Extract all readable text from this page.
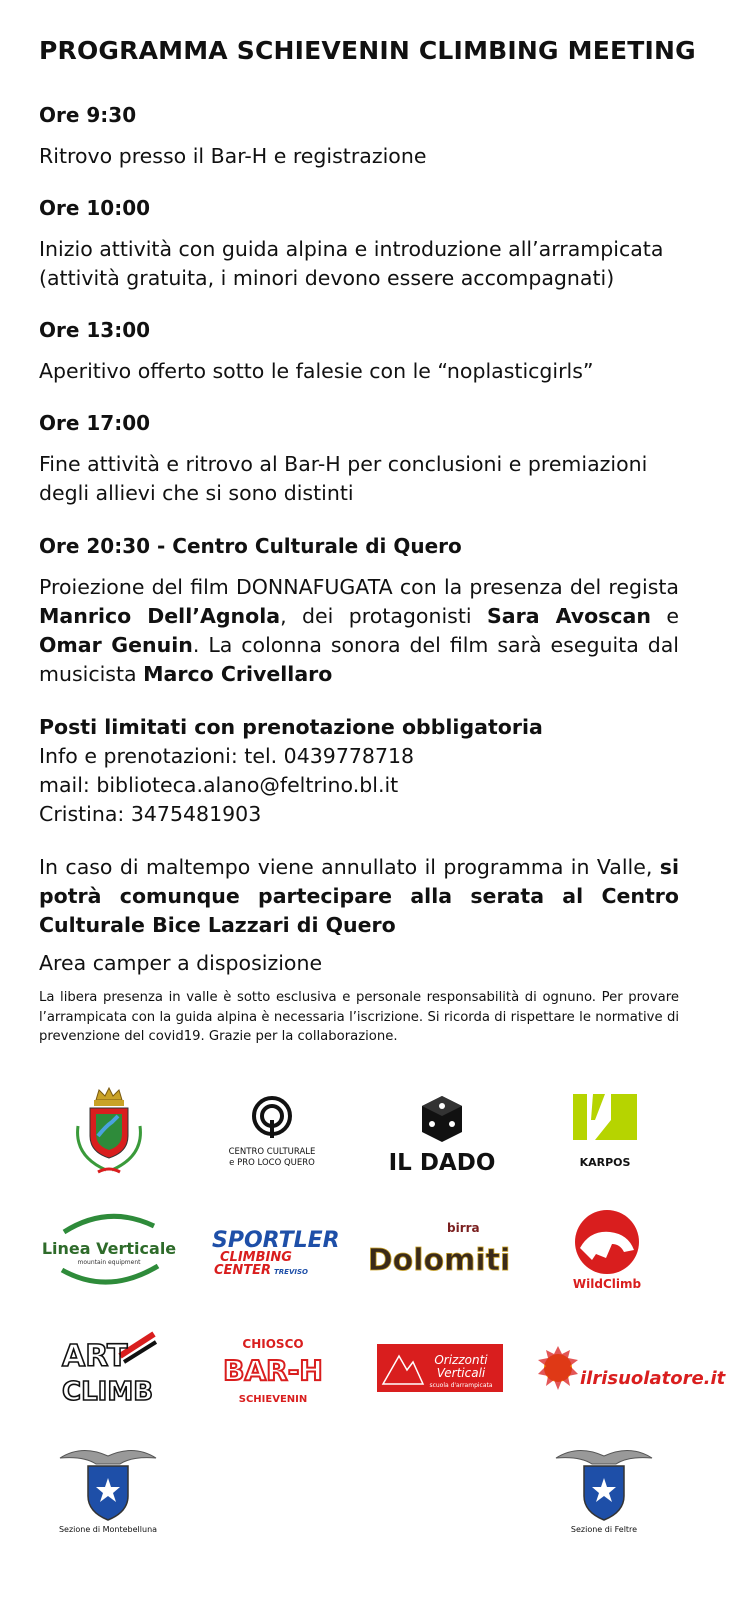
PROGRAMMA SCHIEVENIN CLIMBING MEETING
Ore 9:30
Ritrovo presso il Bar-H e registrazione
Ore 10:00
Inizio attività con guida alpina e introduzione all’arrampicata
(attività gratuita, i minori devono essere accompagnati)
Ore 13:00
Aperitivo offerto sotto le falesie con le “noplasticgirls”
Ore 17:00
Fine attività e ritrovo al Bar-H per conclusioni e premiazioni
degli allievi che si sono distinti
Ore 20:30 - Centro Culturale di Quero
Proiezione del film DONNAFUGATA con la presenza del regista Manrico Dell’Agnola, dei protagonisti Sara Avoscan e Omar Genuin. La colonna sonora del film sarà eseguita dal musicista Marco Crivellaro
Posti limitati con prenotazione obbligatoria
Info e prenotazioni: tel. 0439778718
mail: biblioteca.alano@feltrino.bl.it
Cristina: 3475481903
In caso di maltempo viene annullato il programma in Valle, si potrà comunque partecipare alla serata al Centro Culturale Bice Lazzari di Quero
Area camper a disposizione
La libera presenza in valle è sotto esclusiva e personale responsabilità di ognuno. Per provare l’arrampicata con la guida alpina è necessaria l’iscrizione. Si ricorda di rispettare le normative di prevenzione del covid19. Grazie per la collaborazione.
CENTRO CULTURALE
e PRO LOCO QUERO	IL DADO	KARPOS
Linea Verticale
mountain equipment
SPORTLER
CLIMBING
CENTER TREVISO
birra
Dolomiti
WildClimb
ART
CLIMB
CHIOSCO
BAR-H
SCHIEVENIN
Orizzonti
Verticali
scuola d'arrampicata	ilrisuolatore.it
Sezione di Montebelluna	Sezione di Feltre
